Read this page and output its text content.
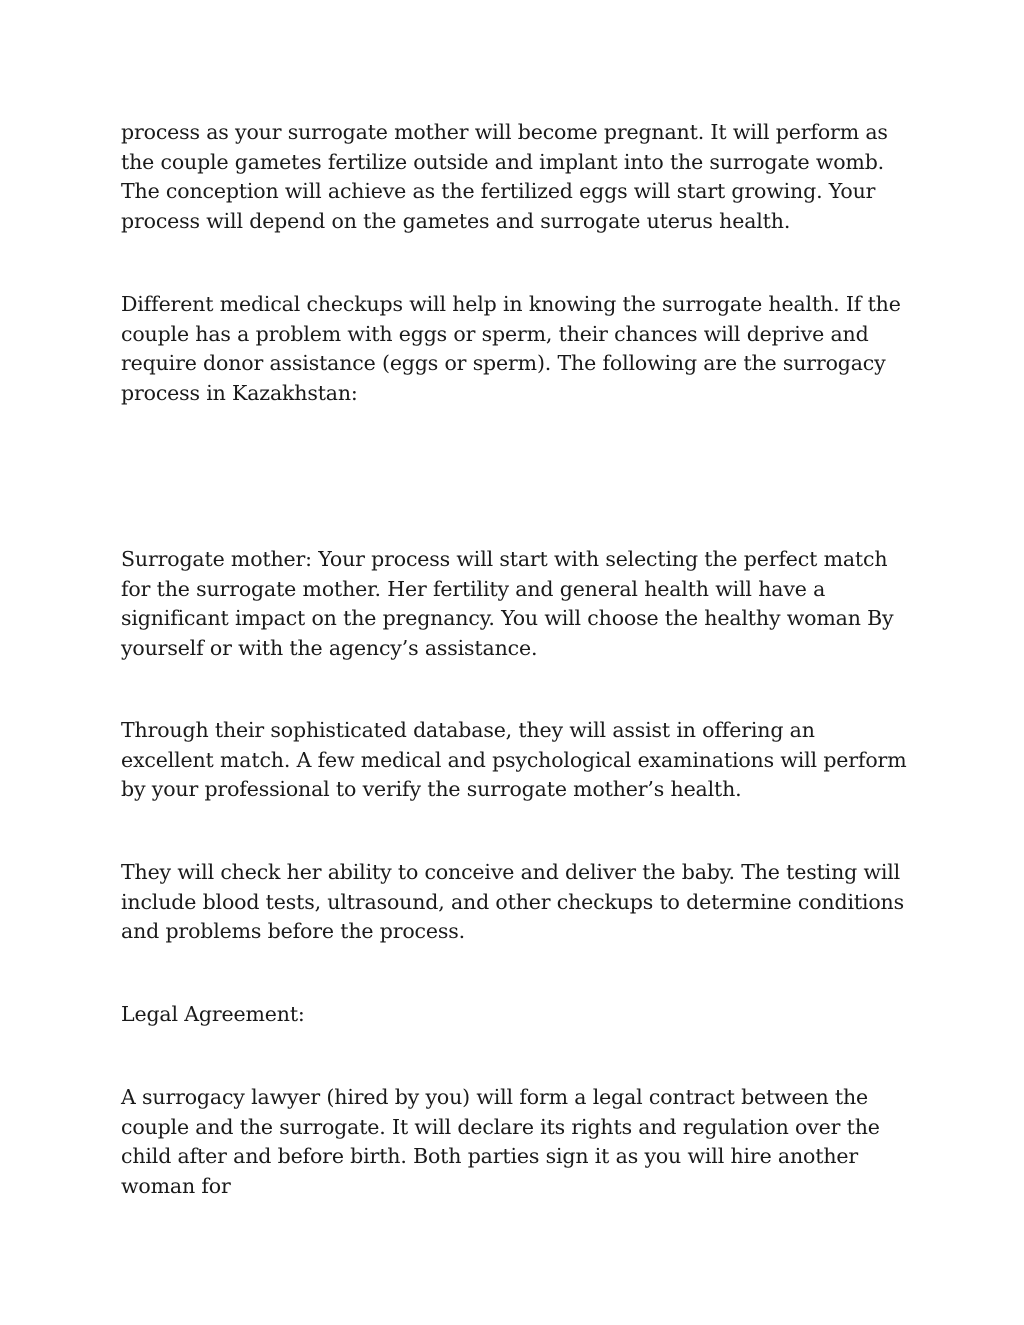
process as your surrogate mother will become pregnant. It will perform as the couple gametes fertilize outside and implant into the surrogate womb. The conception will achieve as the fertilized eggs will start growing. Your process will depend on the gametes and surrogate uterus health.

Different medical checkups will help in knowing the surrogate health. If the couple has a problem with eggs or sperm, their chances will deprive and require donor assistance (eggs or sperm). The following are the surrogacy process in Kazakhstan:

Surrogate mother: Your process will start with selecting the perfect match for the surrogate mother. Her fertility and general health will have a significant impact on the pregnancy. You will choose the healthy woman By yourself or with the agency’s assistance.

Through their sophisticated database, they will assist in offering an excellent match. A few medical and psychological examinations will perform by your professional to verify the surrogate mother’s health.

They will check her ability to conceive and deliver the baby. The testing will include blood tests, ultrasound, and other checkups to determine conditions and problems before the process.

Legal Agreement:

A surrogacy lawyer (hired by you) will form a legal contract between the couple and the surrogate. It will declare its rights and regulation over the child after and before birth. Both parties sign it as you will hire another woman for
